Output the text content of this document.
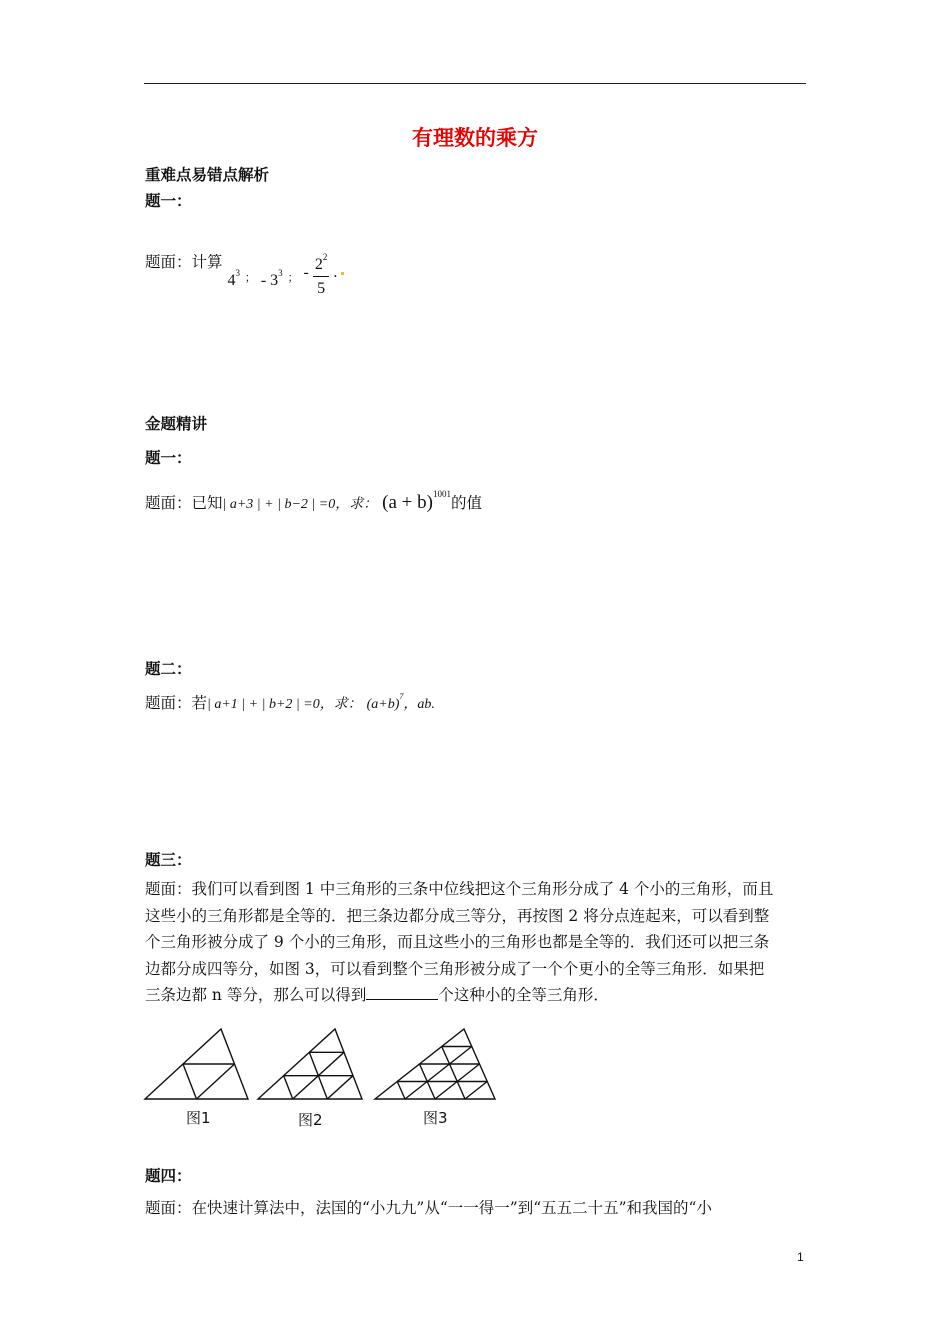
有理数的乘方
重难点易错点解析
题一：
题面：计算 $4^3$ $_; - 3^3$ $_; - \frac{2^2}{5}$ .
金题精讲
题一：
题面：已知| a+3 | + | b−2 | =0，求： $(a + b)^{1001}$的值
题二：
题面：若| a+1 | + | b+2 | =0，求： $(a+b)^7$，ab.
题三：
题面：我们可以看到图 1 中三角形的三条中位线把这个三角形分成了 4 个小的三角形，而且
这些小的三角形都是全等的．把三条边都分成三等分，再按图 2 将分点连起来，可以看到整
个三角形被分成了 9 个小的三角形，而且这些小的三角形也都是全等的．我们还可以把三条
边都分成四等分，如图 3，可以看到整个三角形被分成了一个个更小的全等三角形．如果把
三条边都 n 等分，那么可以得到	个这种小的全等三角形．
图1	图2	图3
题四：
题面：在快速计算法中，法国的“小九九”从“一一得一”到“五五二十五”和我国的“小
1
